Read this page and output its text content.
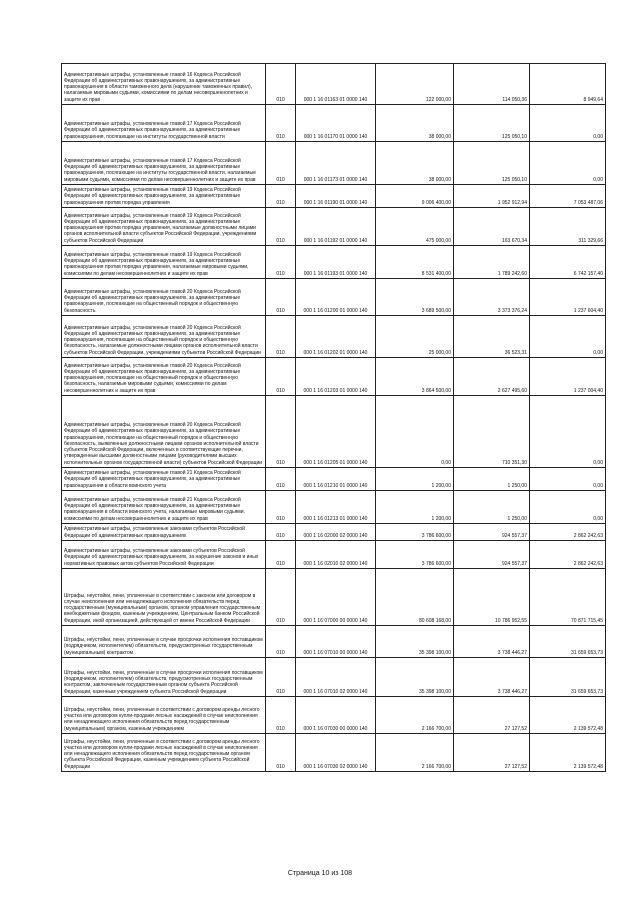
Административные штрафы, установленные главой 16 Кодекса Российской Федерации об административных правонарушениях, за административные правонарушения в области таможенного дела (нарушение таможенных правил), налагаемые мировыми судьями, комиссиями по делам несовершеннолетних и защите их прав	010	000 1 16 01163 01 0000 140	122 000,00	114 050,36	8 949,64
Административные штрафы, установленные главой 17 Кодекса Российской Федерации об административных правонарушениях, за административные правонарушения, посягающие на институты государственной власти	010	000 1 16 01170 01 0000 140	38 000,00	125 050,10	0,00
Административные штрафы, установленные главой 17 Кодекса Российской Федерации об административных правонарушениях, за административные правонарушения, посягающие на институты государственной власти, налагаемые мировыми судьями, комиссиями по делам несовершеннолетних и защите их прав	010	000 1 16 01173 01 0000 140	38 000,00	125 050,10	0,00
Административные штрафы, установленные главой 19 Кодекса Российской Федерации об административных правонарушениях, за административные правонарушения против порядка управления	010	000 1 16 01190 01 0000 140	9 006 400,00	1 952 912,94	7 053 487,06
Административные штрафы, установленные главой 19 Кодекса Российской Федерации об административных правонарушениях, за административные правонарушения против порядка управления, налагаемые должностными лицами органов исполнительной власти субъектов Российской Федерации, учреждениями субъектов Российской Федерации	010	000 1 16 01192 01 0000 140	475 000,00	163 670,34	311 329,66
Административные штрафы, установленные главой 19 Кодекса Российской Федерации об административных правонарушениях, за административные правонарушения против порядка управления, налагаемые мировыми судьями, комиссиями по делам несовершеннолетних и защите их прав	010	000 1 16 01193 01 0000 140	8 531 400,00	1 789 242,60	6 742 157,40
Административные штрафы, установленные главой 20 Кодекса Российской Федерации об административных правонарушениях, за административные правонарушения, посягающие на общественный порядок и общественную безопасность	010	000 1 16 01200 01 0000 140	3 689 500,00	3 373 376,24	1 237 604,40
Административные штрафы, установленные главой 20 Кодекса Российской Федерации об административных правонарушениях, за административные правонарушения, посягающие на общественный порядок и общественную безопасность, налагаемые должностными лицами органов исполнительной власти субъектов Российской Федерации, учреждениями субъектов Российской Федерации	010	000 1 16 01202 01 0000 140	25 000,00	36 523,31	0,00
Административные штрафы, установленные главой 20 Кодекса Российской Федерации об административных правонарушениях, за административные правонарушения, посягающие на общественный порядок и общественную безопасность, налагаемые мировыми судьями, комиссиями по делам несовершеннолетних и защите их прав	010	000 1 16 01203 01 0000 140	3 864 500,00	2 627 495,60	1 237 004,40
Административные штрафы, установленные главой 20 Кодекса Российской Федерации об административных правонарушениях, за административные правонарушения, посягающие на общественный порядок и общественную безопасность, выявленные должностными лицами органов исполнительной власти субъектов Российской Федерации, включенных в соответствующие перечни, утвержденные высшими должностными лицами (руководителями высших исполнительных органов государственной власти) субъектов Российской Федерации	010	000 1 16 01205 01 0000 140	0,00	710 351,30	0,00
Административные штрафы, установленные главой 21 Кодекса Российской Федерации об административных правонарушениях, за административные правонарушения в области воинского учета	010	000 1 16 01210 01 0000 140	1 200,00	1 250,00	0,00
Административные штрафы, установленные главой 21 Кодекса Российской Федерации об административных правонарушениях, за административные правонарушения в области воинского учета, налагаемые мировыми судьями, комиссиями по делам несовершеннолетних и защите их прав	010	000 1 16 01213 01 0000 140	1 200,00	1 250,00	0,00
Административные штрафы, установленные законами субъектов Российской Федерации об административных правонарушениях	010	000 1 16 02000 02 0000 140	3 786 600,00	924 557,37	2 862 242,63
Административные штрафы, установленные законами субъектов Российской Федерации об административных правонарушениях, за нарушение законов и иных нормативных правовых актов субъектов Российской Федерации	010	000 1 16 02010 02 0000 140	3 786 600,00	924 557,37	2 862 242,63
Штрафы, неустойки, пени, уплаченные в соответствии с законом или договором в случае неисполнения или ненадлежащего исполнения обязательств перед государственным (муниципальным) органом, органом управления государственным внебюджетным фондом, казенным учреждением, Центральным банком Российской Федерации, иной организацией, действующей от имени Российской Федерации	010	000 1 16 07000 00 0000 140	80 608 168,00	10 786 952,55	70 871 715,45
Штрафы, неустойки, пени, уплаченные в случае просрочки исполнения поставщиком (подрядчиком, исполнителем) обязательств, предусмотренных государственным (муниципальным) контрактом	010	000 1 16 07010 00 0000 140	35 398 100,00	3 738 446,27	31 659 653,73
Штрафы, неустойки, пени, уплаченные в случае просрочки исполнения поставщиком (подрядчиком, исполнителем) обязательств, предусмотренных государственным контрактом, заключенным государственным органом субъекта Российской Федерации, казенным учреждением субъекта Российской Федерации	010	000 1 16 07010 02 0000 140	35 398 100,00	3 738 446,27	31 659 653,73
Штрафы, неустойки, пени, уплаченные в соответствии с договором аренды лесного участка или договором купли-продажи лесных насаждений в случае неисполнения или ненадлежащего исполнения обязательств перед государственным (муниципальным) органом, казенным учреждением	010	000 1 16 07030 00 0000 140	2 166 700,00	27 127,52	2 139 572,48
Штрафы, неустойки, пени, уплаченные в соответствии с договором аренды лесного участка или договором купли-продажи лесных насаждений в случае неисполнения или ненадлежащего исполнения обязательств перед государственным органом субъекта Российской Федерации, казенным учреждением субъекта Российской Федерации	010	000 1 16 07030 02 0000 140	2 166 700,00	27 127,52	2 139 572,48
Страница 10 из 108
